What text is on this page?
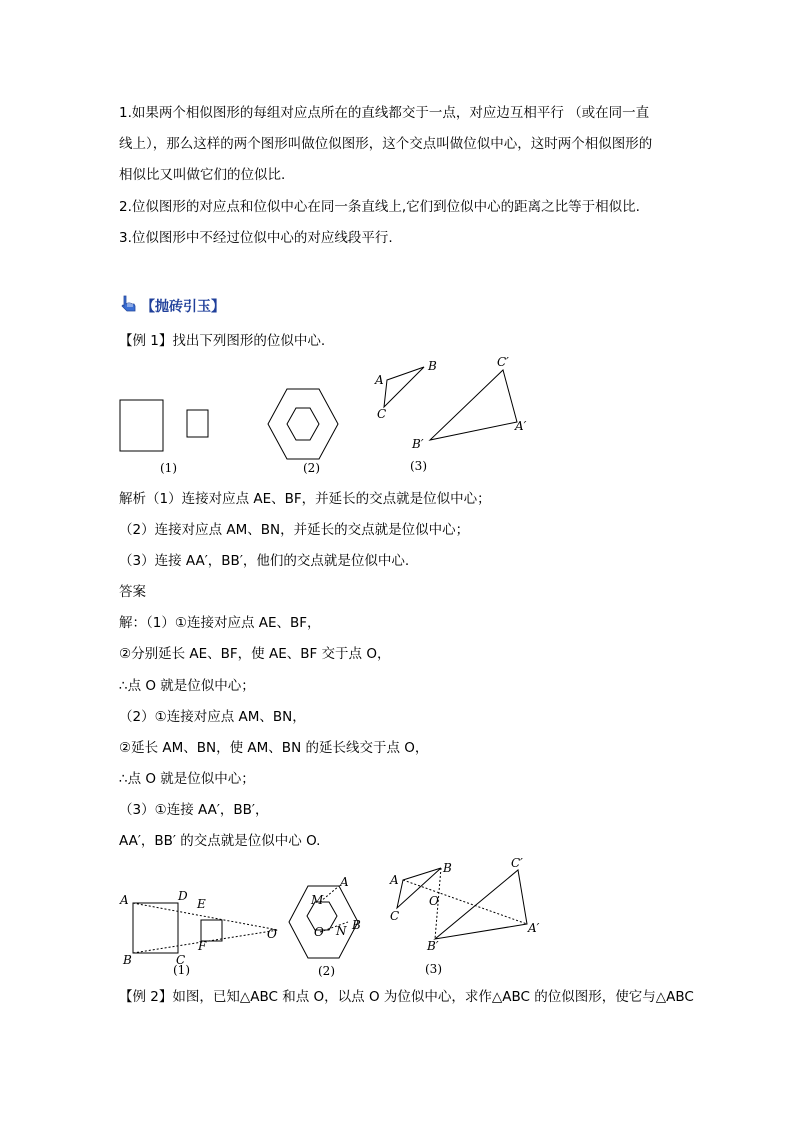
1.如果两个相似图形的每组对应点所在的直线都交于一点，对应边互相平行 （或在同一直
线上），那么这样的两个图形叫做位似图形，这个交点叫做位似中心，这时两个相似图形的
相似比又叫做它们的位似比.
2.位似图形的对应点和位似中心在同一条直线上,它们到位似中心的距离之比等于相似比.
3.位似图形中不经过位似中心的对应线段平行.
【抛砖引玉】
【例 1】找出下列图形的位似中心.
(1)	(2)
A
B
C
A′
B′
C′
(3)
解析（1）连接对应点 AE、BF，并延长的交点就是位似中心；
（2）连接对应点 AM、BN，并延长的交点就是位似中心；
（3）连接 AA′，BB′，他们的交点就是位似中心.
答案
解：（1）①连接对应点 AE、BF，
②分别延长 AE、BF，使 AE、BF 交于点 O，
∴点 O 就是位似中心；
（2）①连接对应点 AM、BN，
②延长 AM、BN，使 AM、BN 的延长线交于点 O，
∴点 O 就是位似中心；
（3）①连接 AA′，BB′，
AA′，BB′ 的交点就是位似中心 O.
A
B	C
D
E
F
O
(1)
A
B
M
N
O
(2)
A
B
C
O
A′
B′
C′
(3)
【例 2】如图，已知△ABC 和点 O，以点 O 为位似中心，求作△ABC 的位似图形，使它与△ABC
